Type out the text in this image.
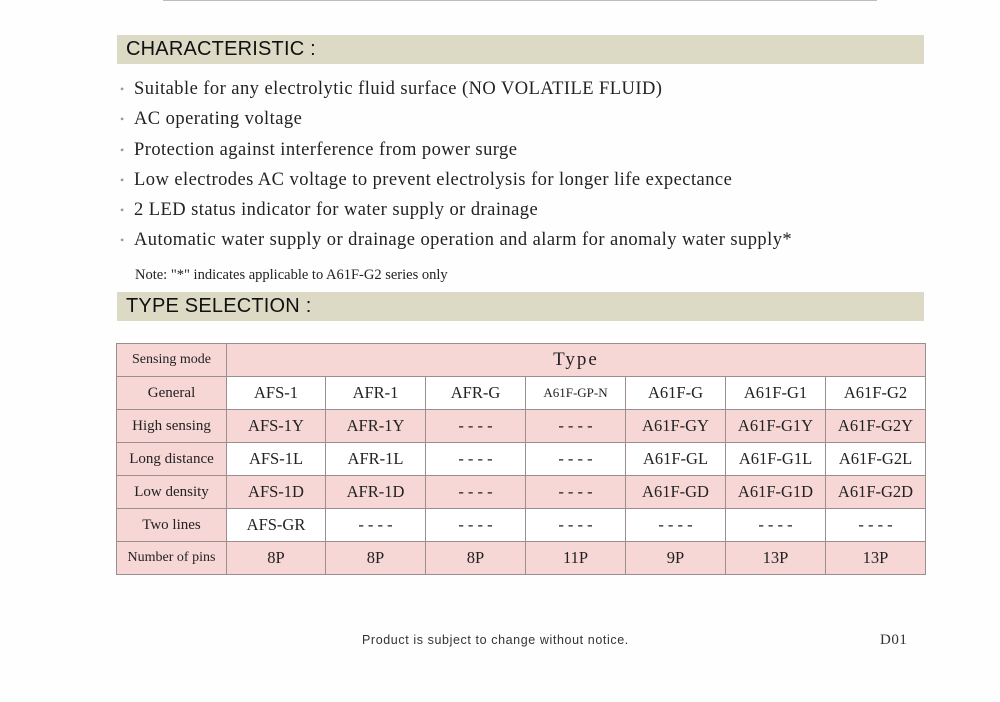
CHARACTERISTIC :
• Suitable for any electrolytic fluid surface (NO VOLATILE FLUID)
• AC operating voltage
• Protection against interference from power surge
• Low electrodes AC voltage to prevent electrolysis for longer life expectance
• 2 LED status indicator for water supply or drainage
• Automatic water supply or drainage operation and alarm for anomaly water supply*
Note: "*" indicates applicable to A61F-G2 series only
TYPE SELECTION :
Sensing mode	Type						
General	AFS-1	AFR-1	AFR-G	A61F-GP-N	A61F-G	A61F-G1	A61F-G2
High sensing	AFS-1Y	AFR-1Y	- - - -	- - - -	A61F-GY	A61F-G1Y	A61F-G2Y
Long distance	AFS-1L	AFR-1L	- - - -	- - - -	A61F-GL	A61F-G1L	A61F-G2L
Low density	AFS-1D	AFR-1D	- - - -	- - - -	A61F-GD	A61F-G1D	A61F-G2D
Two lines	AFS-GR	- - - -	- - - -	- - - -	- - - -	- - - -	- - - -
Number of pins	8P	8P	8P	11P	9P	13P	13P
Product is subject to change without notice.	D01
